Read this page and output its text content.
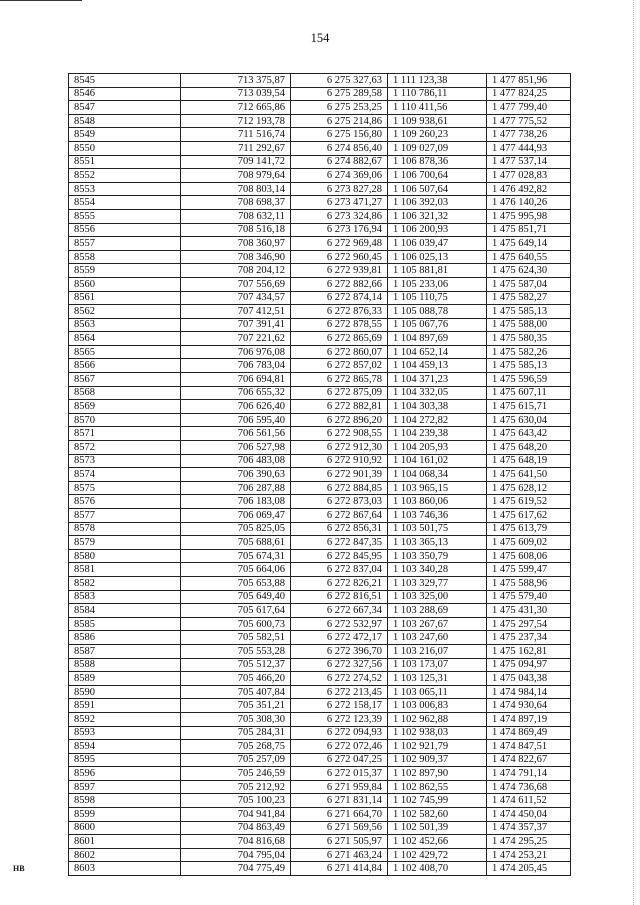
154
8545	713 375,87	6 275 327,63	1 111 123,38	1 477 851,96
8546	713 039,54	6 275 289,58	1 110 786,11	1 477 824,25
8547	712 665,86	6 275 253,25	1 110 411,56	1 477 799,40
8548	712 193,78	6 275 214,86	1 109 938,61	1 477 775,52
8549	711 516,74	6 275 156,80	1 109 260,23	1 477 738,26
8550	711 292,67	6 274 856,40	1 109 027,09	1 477 444,93
8551	709 141,72	6 274 882,67	1 106 878,36	1 477 537,14
8552	708 979,64	6 274 369,06	1 106 700,64	1 477 028,83
8553	708 803,14	6 273 827,28	1 106 507,64	1 476 492,82
8554	708 698,37	6 273 471,27	1 106 392,03	1 476 140,26
8555	708 632,11	6 273 324,86	1 106 321,32	1 475 995,98
8556	708 516,18	6 273 176,94	1 106 200,93	1 475 851,71
8557	708 360,97	6 272 969,48	1 106 039,47	1 475 649,14
8558	708 346,90	6 272 960,45	1 106 025,13	1 475 640,55
8559	708 204,12	6 272 939,81	1 105 881,81	1 475 624,30
8560	707 556,69	6 272 882,66	1 105 233,06	1 475 587,04
8561	707 434,57	6 272 874,14	1 105 110,75	1 475 582,27
8562	707 412,51	6 272 876,33	1 105 088,78	1 475 585,13
8563	707 391,41	6 272 878,55	1 105 067,76	1 475 588,00
8564	707 221,62	6 272 865,69	1 104 897,69	1 475 580,35
8565	706 976,08	6 272 860,07	1 104 652,14	1 475 582,26
8566	706 783,04	6 272 857,02	1 104 459,13	1 475 585,13
8567	706 694,81	6 272 865,78	1 104 371,23	1 475 596,59
8568	706 655,32	6 272 875,09	1 104 332,05	1 475 607,11
8569	706 626,40	6 272 882,81	1 104 303,38	1 475 615,71
8570	706 595,40	6 272 896,20	1 104 272,82	1 475 630,04
8571	706 561,56	6 272 908,55	1 104 239,38	1 475 643,42
8572	706 527,98	6 272 912,30	1 104 205,93	1 475 648,20
8573	706 483,08	6 272 910,92	1 104 161,02	1 475 648,19
8574	706 390,63	6 272 901,39	1 104 068,34	1 475 641,50
8575	706 287,88	6 272 884,85	1 103 965,15	1 475 628,12
8576	706 183,08	6 272 873,03	1 103 860,06	1 475 619,52
8577	706 069,47	6 272 867,64	1 103 746,36	1 475 617,62
8578	705 825,05	6 272 856,31	1 103 501,75	1 475 613,79
8579	705 688,61	6 272 847,35	1 103 365,13	1 475 609,02
8580	705 674,31	6 272 845,95	1 103 350,79	1 475 608,06
8581	705 664,06	6 272 837,04	1 103 340,28	1 475 599,47
8582	705 653,88	6 272 826,21	1 103 329,77	1 475 588,96
8583	705 649,40	6 272 816,51	1 103 325,00	1 475 579,40
8584	705 617,64	6 272 667,34	1 103 288,69	1 475 431,30
8585	705 600,73	6 272 532,97	1 103 267,67	1 475 297,54
8586	705 582,51	6 272 472,17	1 103 247,60	1 475 237,34
8587	705 553,28	6 272 396,70	1 103 216,07	1 475 162,81
8588	705 512,37	6 272 327,56	1 103 173,07	1 475 094,97
8589	705 466,20	6 272 274,52	1 103 125,31	1 475 043,38
8590	705 407,84	6 272 213,45	1 103 065,11	1 474 984,14
8591	705 351,21	6 272 158,17	1 103 006,83	1 474 930,64
8592	705 308,30	6 272 123,39	1 102 962,88	1 474 897,19
8593	705 284,31	6 272 094,93	1 102 938,03	1 474 869,49
8594	705 268,75	6 272 072,46	1 102 921,79	1 474 847,51
8595	705 257,09	6 272 047,25	1 102 909,37	1 474 822,67
8596	705 246,59	6 272 015,37	1 102 897,90	1 474 791,14
8597	705 212,92	6 271 959,84	1 102 862,55	1 474 736,68
8598	705 100,23	6 271 831,14	1 102 745,99	1 474 611,52
8599	704 941,84	6 271 664,70	1 102 582,60	1 474 450,04
8600	704 863,49	6 271 569,56	1 102 501,39	1 474 357,37
8601	704 816,68	6 271 505,97	1 102 452,66	1 474 295,25
8602	704 795,04	6 271 463,24	1 102 429,72	1 474 253,21
8603	704 775,49	6 271 414,84	1 102 408,70	1 474 205,45
НВ
